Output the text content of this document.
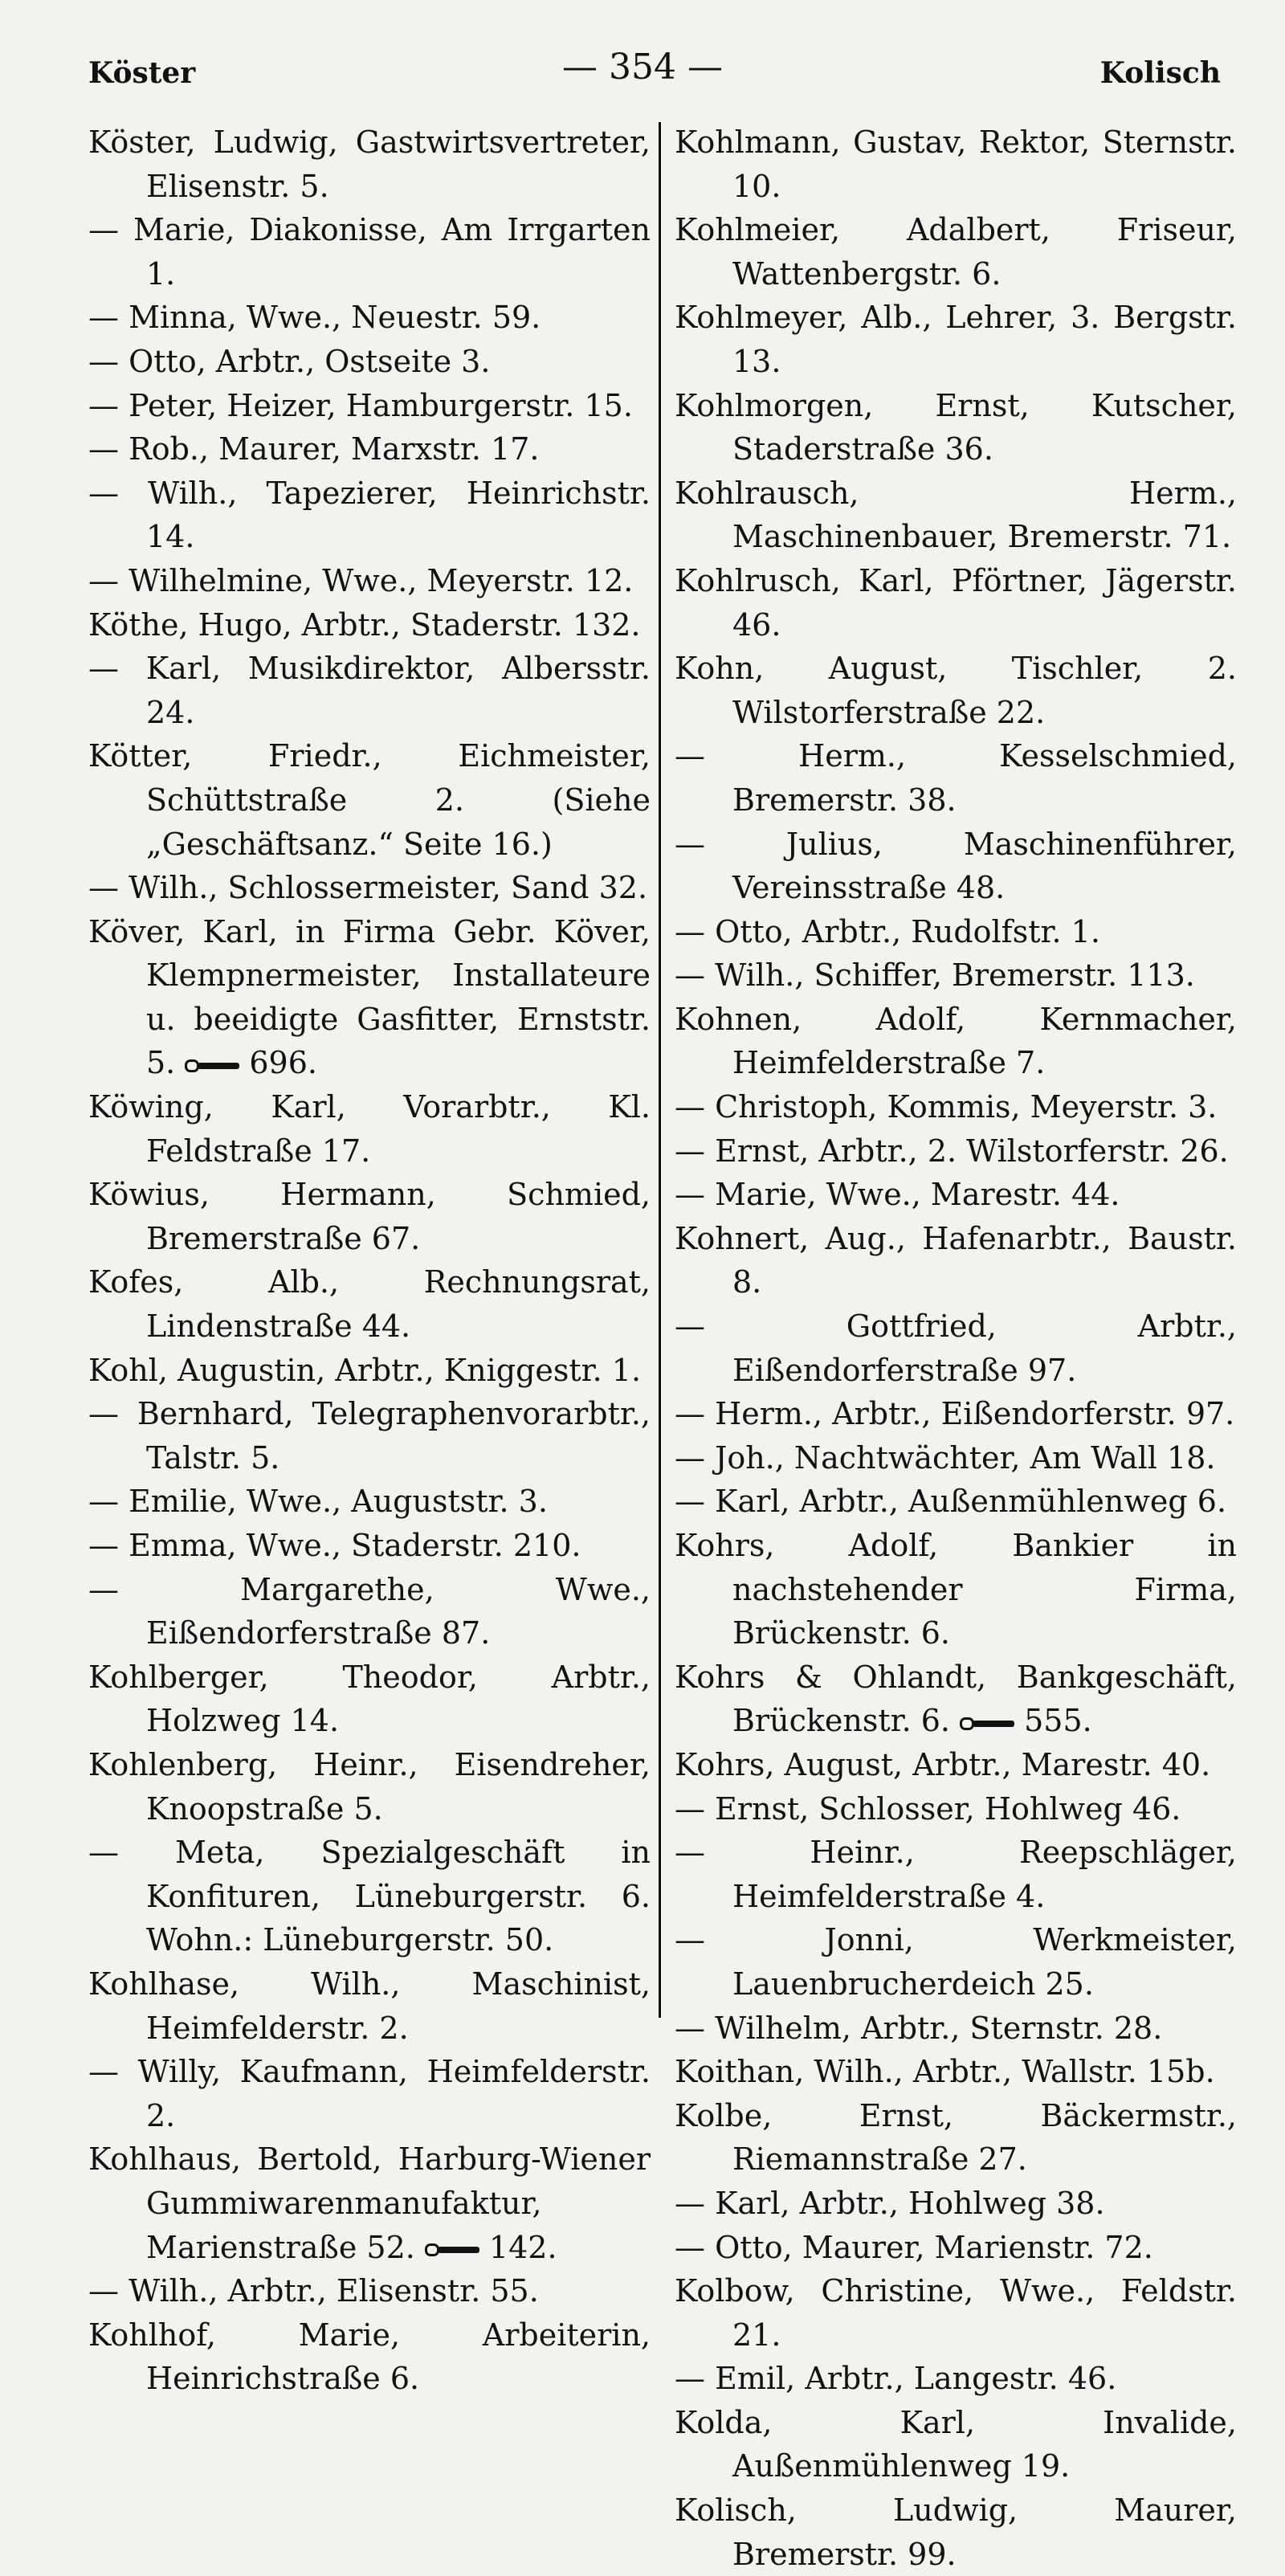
Köster	— 354 —	Kolisch

Köster, Ludwig, Gastwirtsvertreter, Elisenstr. 5.

— Marie, Diakonisse, Am Irrgarten 1.

— Minna, Wwe., Neuestr. 59.

— Otto, Arbtr., Ostseite 3.

— Peter, Heizer, Hamburgerstr. 15.

— Rob., Maurer, Marxstr. 17.

— Wilh., Tapezierer, Heinrichstr. 14.

— Wilhelmine, Wwe., Meyerstr. 12.

Köthe, Hugo, Arbtr., Staderstr. 132.

— Karl, Musikdirektor, Albersstr. 24.

Kötter, Friedr., Eichmeister, Schüttstraße 2. (Siehe „Geschäftsanz.“ Seite 16.)

— Wilh., Schlossermeister, Sand 32.

Köver, Karl, in Firma Gebr. Köver, Klempnermeister, Installateure u. beeidigte Gasfitter, Ernststr. 5. 696.

Köwing, Karl, Vorarbtr., Kl. Feldstraße 17.

Köwius, Hermann, Schmied, Bremerstraße 67.

Kofes, Alb., Rechnungsrat, Lindenstraße 44.

Kohl, Augustin, Arbtr., Kniggestr. 1.

— Bernhard, Telegraphenvorarbtr., Talstr. 5.

— Emilie, Wwe., Auguststr. 3.

— Emma, Wwe., Staderstr. 210.

— Margarethe, Wwe., Eißendorferstraße 87.

Kohlberger, Theodor, Arbtr., Holzweg 14.

Kohlenberg, Heinr., Eisendreher, Knoopstraße 5.

— Meta, Spezialgeschäft in Konfituren, Lüneburgerstr. 6. Wohn.: Lüneburgerstr. 50.

Kohlhase, Wilh., Maschinist, Heimfelderstr. 2.

— Willy, Kaufmann, Heimfelderstr. 2.

Kohlhaus, Bertold, Harburg-Wiener Gummiwarenmanufaktur, Marienstraße 52. 142.

— Wilh., Arbtr., Elisenstr. 55.

Kohlhof, Marie, Arbeiterin, Heinrichstraße 6.

Kohlmann, Gustav, Rektor, Sternstr. 10.

Kohlmeier, Adalbert, Friseur, Wattenbergstr. 6.

Kohlmeyer, Alb., Lehrer, 3. Bergstr. 13.

Kohlmorgen, Ernst, Kutscher, Staderstraße 36.

Kohlrausch, Herm., Maschinenbauer, Bremerstr. 71.

Kohlrusch, Karl, Pförtner, Jägerstr. 46.

Kohn, August, Tischler, 2. Wilstorferstraße 22.

— Herm., Kesselschmied, Bremerstr. 38.

— Julius, Maschinenführer, Vereinsstraße 48.

— Otto, Arbtr., Rudolfstr. 1.

— Wilh., Schiffer, Bremerstr. 113.

Kohnen, Adolf, Kernmacher, Heimfelderstraße 7.

— Christoph, Kommis, Meyerstr. 3.

— Ernst, Arbtr., 2. Wilstorferstr. 26.

— Marie, Wwe., Marestr. 44.

Kohnert, Aug., Hafenarbtr., Baustr. 8.

— Gottfried, Arbtr., Eißendorferstraße 97.

— Herm., Arbtr., Eißendorferstr. 97.

— Joh., Nachtwächter, Am Wall 18.

— Karl, Arbtr., Außenmühlenweg 6.

Kohrs, Adolf, Bankier in nachstehender Firma, Brückenstr. 6.

Kohrs & Ohlandt, Bankgeschäft, Brückenstr. 6. 555.

Kohrs, August, Arbtr., Marestr. 40.

— Ernst, Schlosser, Hohlweg 46.

— Heinr., Reepschläger, Heimfelderstraße 4.

— Jonni, Werkmeister, Lauenbrucherdeich 25.

— Wilhelm, Arbtr., Sternstr. 28.

Koithan, Wilh., Arbtr., Wallstr. 15b.

Kolbe, Ernst, Bäckermstr., Riemannstraße 27.

— Karl, Arbtr., Hohlweg 38.

— Otto, Maurer, Marienstr. 72.

Kolbow, Christine, Wwe., Feldstr. 21.

— Emil, Arbtr., Langestr. 46.

Kolda, Karl, Invalide, Außenmühlenweg 19.

Kolisch, Ludwig, Maurer, Bremerstr. 99.
